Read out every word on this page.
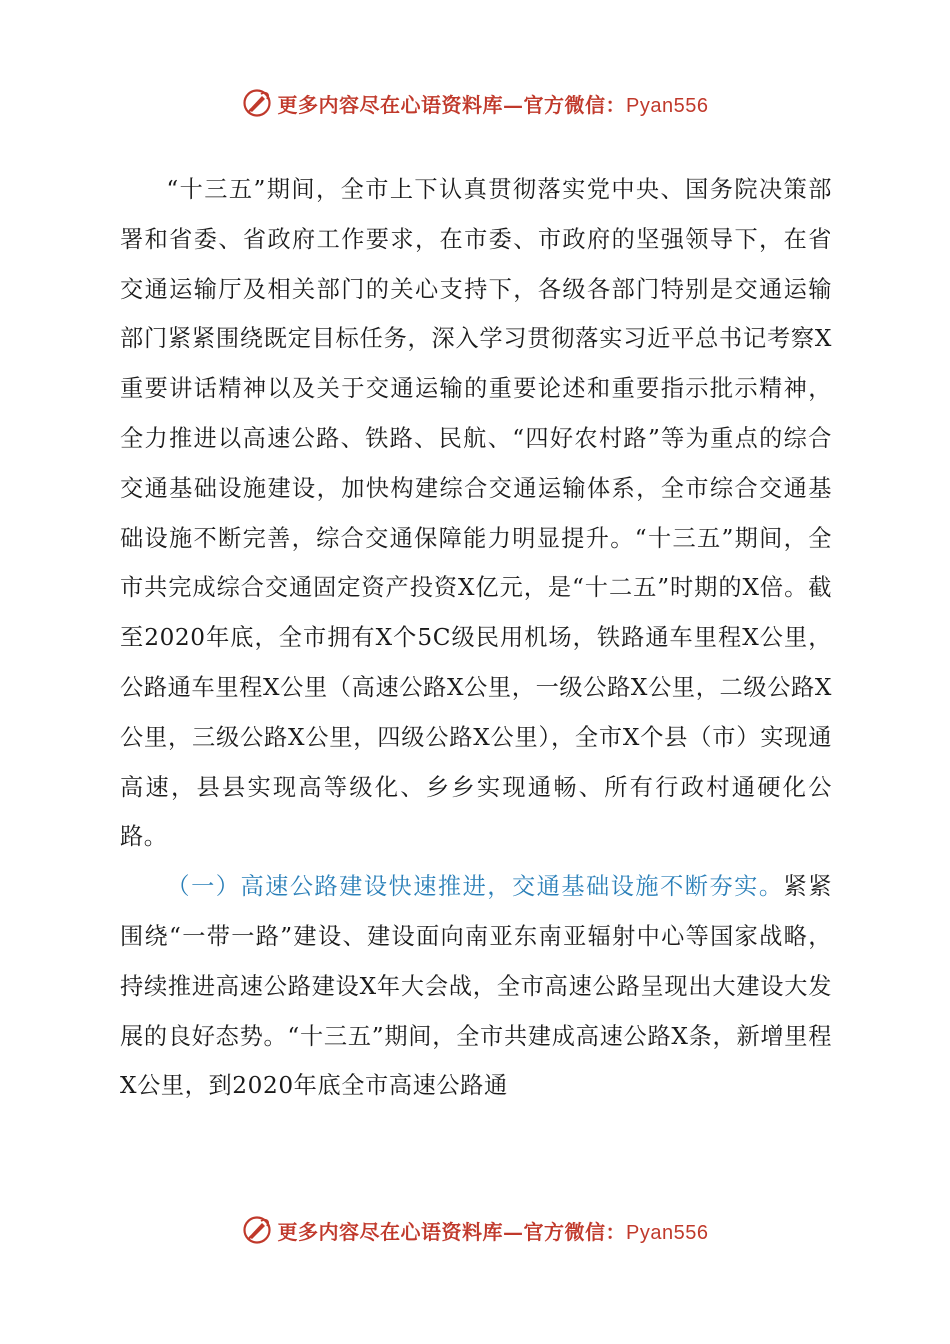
更多内容尽在心语资料库—官方微信：Pyan556

“十三五”期间，全市上下认真贯彻落实党中央、国务院决策部署和省委、省政府工作要求，在市委、市政府的坚强领导下，在省交通运输厅及相关部门的关心支持下，各级各部门特别是交通运输部门紧紧围绕既定目标任务，深入学习贯彻落实习近平总书记考察X重要讲话精神以及关于交通运输的重要论述和重要指示批示精神，全力推进以高速公路、铁路、民航、“四好农村路”等为重点的综合交通基础设施建设，加快构建综合交通运输体系，全市综合交通基础设施不断完善，综合交通保障能力明显提升。“十三五”期间，全市共完成综合交通固定资产投资X亿元，是“十二五”时期的X倍。截至2020年底，全市拥有X个5C级民用机场，铁路通车里程X公里，公路通车里程X公里（高速公路X公里，一级公路X公里，二级公路X公里，三级公路X公里，四级公路X公里），全市X个县（市）实现通高速，县县实现高等级化、乡乡实现通畅、所有行政村通硬化公路。

（一）高速公路建设快速推进，交通基础设施不断夯实。紧紧围绕“一带一路”建设、建设面向南亚东南亚辐射中心等国家战略，持续推进高速公路建设X年大会战，全市高速公路呈现出大建设大发展的良好态势。“十三五”期间，全市共建成高速公路X条，新增里程X公里，到2020年底全市高速公路通

更多内容尽在心语资料库—官方微信：Pyan556
